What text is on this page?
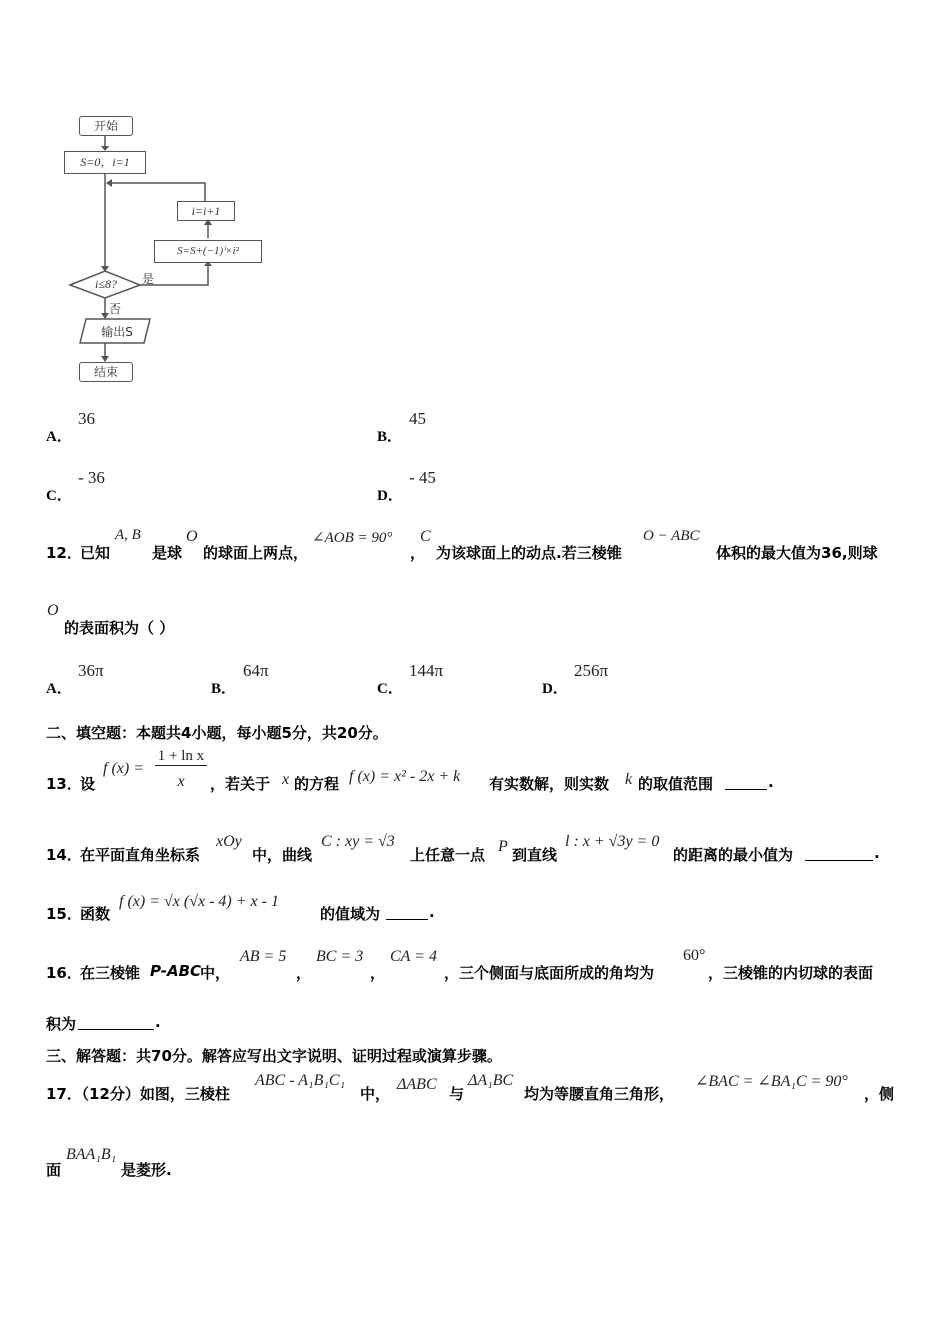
开始
S=0，i=1
i=i+1
S=S+(−1)ⁱ×i²
i≤8?	是
否
输出S
结束
A．
36
B．
45
C．
- 36
D．
- 45
12．
已知
A, B
是球
O
的球面上两点，
∠AOB = 90°
，
C
为该球面上的动点.若三棱锥
O − ABC
体积的最大值为36,则球
O
的表面积为（ ）
A．
36π
B．
64π
C．
144π
D．
256π
二、填空题：本题共4小题，每小题5分，共20分。
13．
设
f (x) =
1 + ln x
x	，若关于 x 的方程 f (x) = x² - 2x + k 有实数解，则实数 k 的取值范围	.
14．
在平面直角坐标系
xOy
中，曲线
C : xy = √3
上任意一点 P 到直线
l : x + √3y = 0
的距离的最小值为	.
15．
函数
f (x) = √x (√x - 4) + x - 1
的值域为	.
16．
在三棱锥 P-ABC
中，
AB = 5
，
BC = 3
，
CA = 4
，三个侧面与底面所成的角均为
60°
，三棱锥的内切球的表面
积为	.
三、解答题：共70分。解答应写出文字说明、证明过程或演算步骤。
17．
（12分）如图，三棱柱
ABC - A₁B₁C₁
中，
ΔABC
与
ΔA₁BC
均为等腰直角三角形，
∠BAC = ∠BA₁C = 90°
，侧
面
BAA₁B₁
是菱形.
